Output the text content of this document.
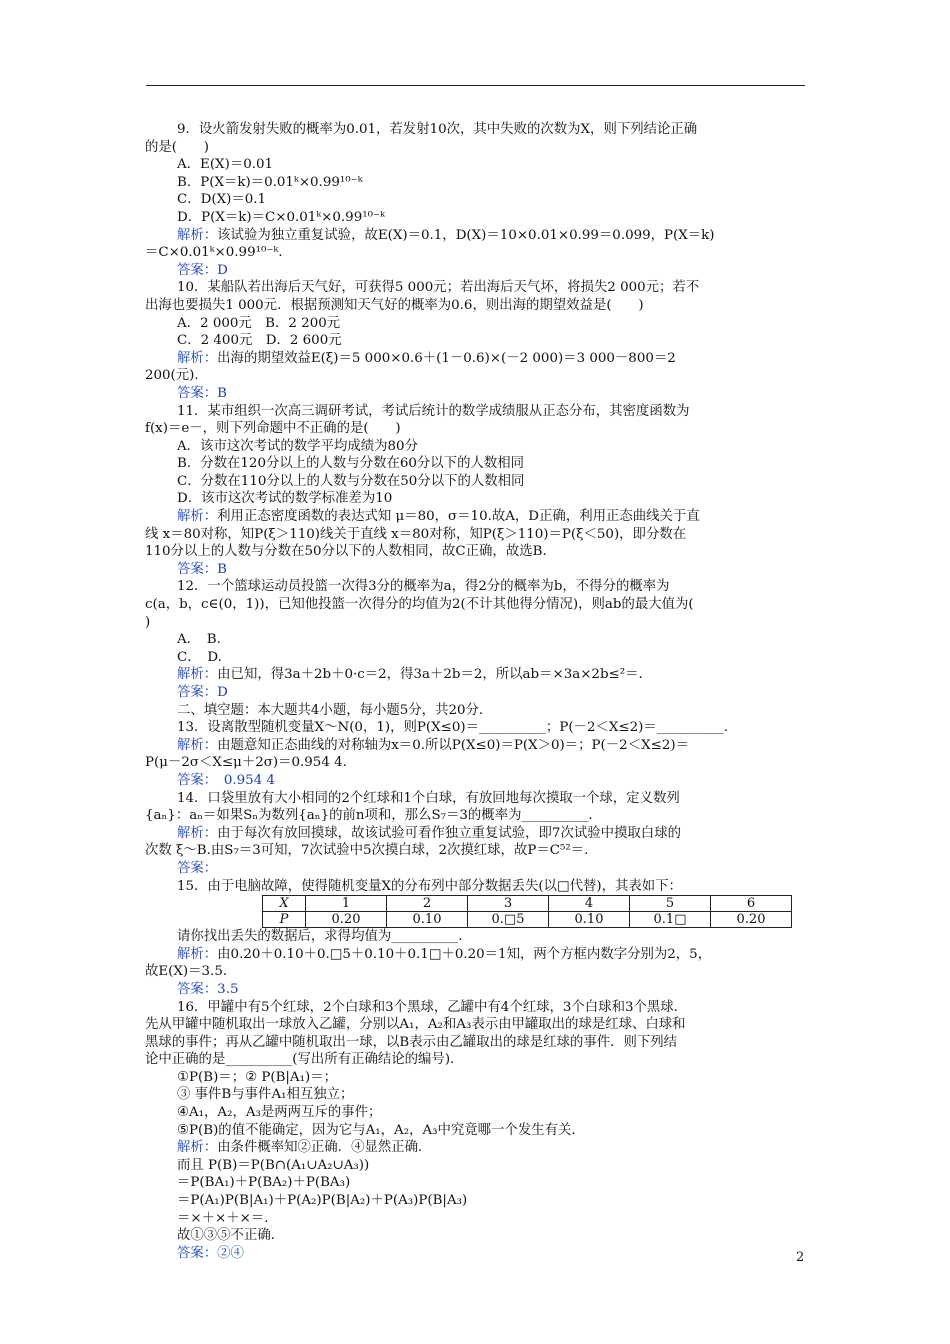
9．设火箭发射失败的概率为0.01，若发射10次，其中失败的次数为X，则下列结论正确
的是(　　)
A．E(X)＝0.01
B．P(X＝k)＝0.01ᵏ×0.99¹⁰⁻ᵏ
C．D(X)＝0.1
D．P(X＝k)＝C×0.01ᵏ×0.99¹⁰⁻ᵏ
解析：该试验为独立重复试验，故E(X)＝0.1，D(X)＝10×0.01×0.99＝0.099，P(X＝k)
＝C×0.01ᵏ×0.99¹⁰⁻ᵏ.
答案：D
10．某船队若出海后天气好，可获得5 000元；若出海后天气坏，将损失2 000元；若不
出海也要损失1 000元．根据预测知天气好的概率为0.6，则出海的期望效益是(　　)
A．2 000元　B．2 200元
C．2 400元　D．2 600元
解析：出海的期望效益E(ξ)＝5 000×0.6＋(1－0.6)×(－2 000)＝3 000－800＝2
200(元)．
答案：B
11．某市组织一次高三调研考试，考试后统计的数学成绩服从正态分布，其密度函数为
f(x)＝e－，则下列命题中不正确的是(　　)
A．该市这次考试的数学平均成绩为80分
B．分数在120分以上的人数与分数在60分以下的人数相同
C．分数在110分以上的人数与分数在50分以下的人数相同
D．该市这次考试的数学标准差为10
解析：利用正态密度函数的表达式知 μ＝80，σ＝10.故A，D正确，利用正态曲线关于直
线 x＝80对称，知P(ξ＞110)线关于直线 x＝80对称，知P(ξ＞110)＝P(ξ＜50)，即分数在
110分以上的人数与分数在50分以下的人数相同，故C正确，故选B.
答案：B
12．一个篮球运动员投篮一次得3分的概率为a，得2分的概率为b，不得分的概率为
c(a，b，c∈(0，1))，已知他投篮一次得分的均值为2(不计其他得分情况)，则ab的最大值为(
)
A．　B.
C．　D.
解析：由已知，得3a＋2b＋0·c＝2，得3a＋2b＝2，所以ab＝×3a×2b≤²＝.
答案：D
二、填空题：本大题共4小题，每小题5分，共20分．
13．设离散型随机变量X～N(0，1)，则P(X≤0)＝__________；P(－2＜X≤2)＝__________.
解析：由题意知正态曲线的对称轴为x＝0.所以P(X≤0)＝P(X＞0)＝；P(－2＜X≤2)＝
P(μ－2σ＜X≤μ＋2σ)＝0.954 4.
答案：　0.954 4
14．口袋里放有大小相同的2个红球和1个白球，有放回地每次摸取一个球，定义数列
{aₙ}：aₙ＝如果Sₙ为数列{aₙ}的前n项和，那么S₇＝3的概率为__________.
解析：由于每次有放回摸球，故该试验可看作独立重复试验，即7次试验中摸取白球的
次数 ξ～B.由S₇＝3可知，7次试验中5次摸白球，2次摸红球，故P＝C⁵²＝.
答案：
15．由于电脑故障，使得随机变量X的分布列中部分数据丢失(以□代替)，其表如下：
X	1	2	3	4	5	6
P	0.20	0.10	0.□5	0.10	0.1□	0.20
请你找出丢失的数据后，求得均值为__________.
解析：由0.20＋0.10＋0.□5＋0.10＋0.1□＋0.20＝1知，两个方框内数字分别为2，5，
故E(X)＝3.5.
答案：3.5
16．甲罐中有5个红球，2个白球和3个黑球，乙罐中有4个红球，3个白球和3个黑球．
先从甲罐中随机取出一球放入乙罐，分别以A₁，A₂和A₃表示由甲罐取出的球是红球、白球和
黑球的事件；再从乙罐中随机取出一球，以B表示由乙罐取出的球是红球的事件．则下列结
论中正确的是__________(写出所有正确结论的编号)．
①P(B)＝；② P(B|A₁)＝；
③ 事件B与事件A₁相互独立；
④A₁，A₂，A₃是两两互斥的事件；
⑤P(B)的值不能确定，因为它与A₁，A₂，A₃中究竟哪一个发生有关．
解析：由条件概率知②正确．④显然正确．
而且 P(B)＝P(B∩(A₁∪A₂∪A₃))
＝P(BA₁)＋P(BA₂)＋P(BA₃)
＝P(A₁)P(B|A₁)＋P(A₂)P(B|A₂)＋P(A₃)P(B|A₃)
＝×＋×＋×＝.
故①③⑤不正确．
答案：②④	2
